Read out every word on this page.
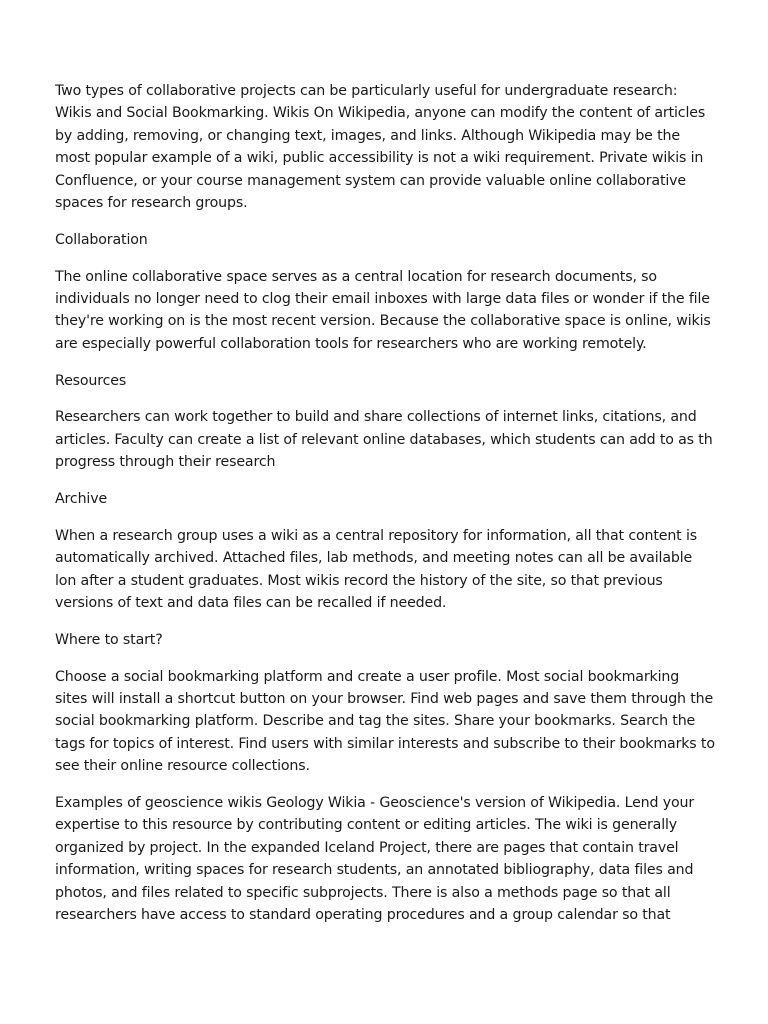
Two types of collaborative projects can be particularly useful for undergraduate research: Wikis and Social Bookmarking. Wikis On Wikipedia, anyone can modify the content of articles by adding, removing, or changing text, images, and links. Although Wikipedia may be the most popular example of a wiki, public accessibility is not a wiki requirement. Private wikis in Confluence, or your course management system can provide valuable online collaborative spaces for research groups.

Collaboration

The online collaborative space serves as a central location for research documents, so individuals no longer need to clog their email inboxes with large data files or wonder if the file they're working on is the most recent version. Because the collaborative space is online, wikis are especially powerful collaboration tools for researchers who are working remotely.

Resources

Researchers can work together to build and share collections of internet links, citations, and articles. Faculty can create a list of relevant online databases, which students can add to as th progress through their research

Archive

When a research group uses a wiki as a central repository for information, all that content is automatically archived. Attached files, lab methods, and meeting notes can all be available lon after a student graduates. Most wikis record the history of the site, so that previous versions of text and data files can be recalled if needed.

Where to start?

Choose a social bookmarking platform and create a user profile. Most social bookmarking sites will install a shortcut button on your browser. Find web pages and save them through the social bookmarking platform. Describe and tag the sites. Share your bookmarks. Search the tags for topics of interest. Find users with similar interests and subscribe to their bookmarks to see their online resource collections.

Examples of geoscience wikis Geology Wikia - Geoscience's version of Wikipedia. Lend your expertise to this resource by contributing content or editing articles. The wiki is generally organized by project. In the expanded Iceland Project, there are pages that contain travel information, writing spaces for research students, an annotated bibliography, data files and photos, and files related to specific subprojects. There is also a methods page so that all researchers have access to standard operating procedures and a group calendar so that
